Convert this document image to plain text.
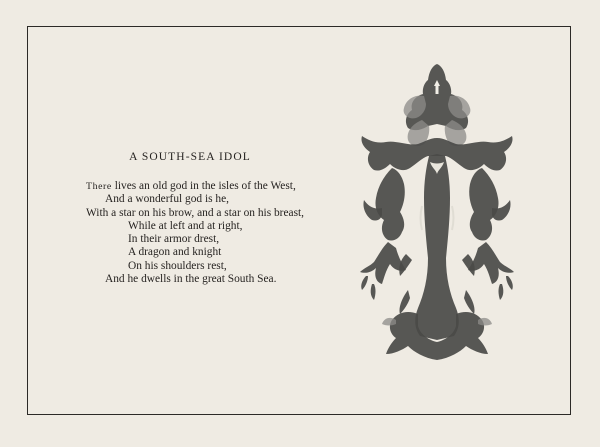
A SOUTH-SEA IDOL
There lives an old god in the isles of the West,
And a wonderful god is he,
With a star on his brow, and a star on his breast,
While at left and at right,
In their armor drest,
A dragon and knight
On his shoulders rest,
And he dwells in the great South Sea.
